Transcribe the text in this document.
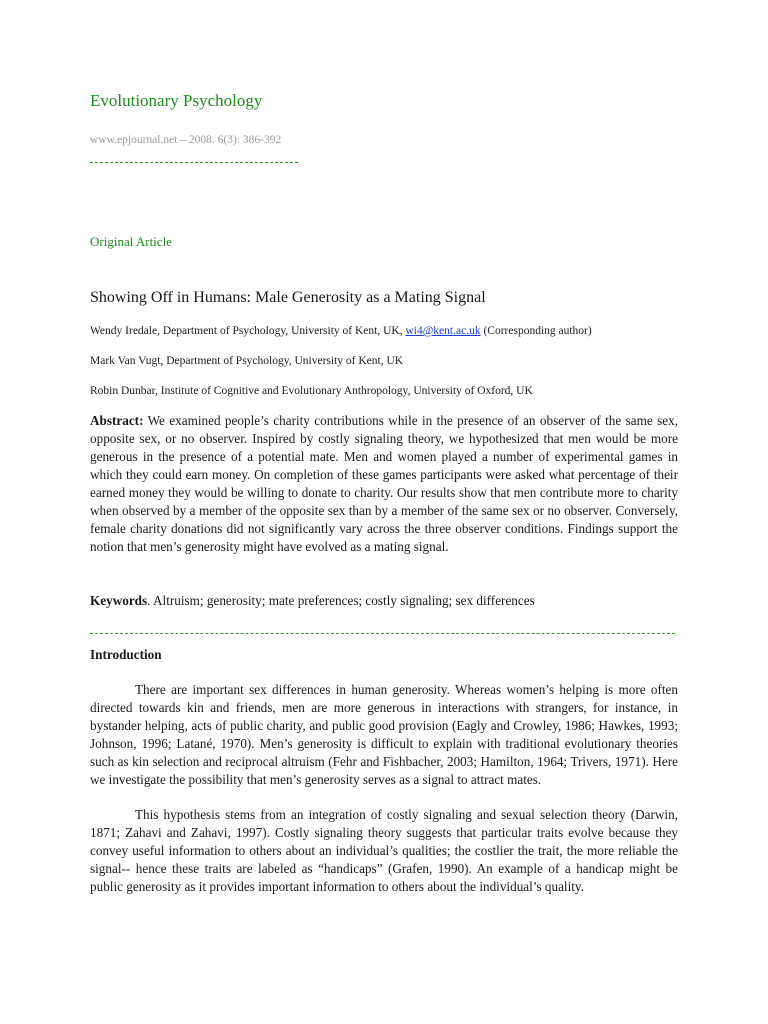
Evolutionary Psychology
www.epjournal.net – 2008. 6(3): 386-392
Original Article
Showing Off in Humans: Male Generosity as a Mating Signal
Wendy Iredale, Department of Psychology, University of Kent, UK, wi4@kent.ac.uk (Corresponding author)
Mark Van Vugt, Department of Psychology, University of Kent, UK
Robin Dunbar, Institute of Cognitive and Evolutionary Anthropology, University of Oxford, UK
Abstract: We examined people’s charity contributions while in the presence of an observer of the same sex, opposite sex, or no observer. Inspired by costly signaling theory, we hypothesized that men would be more generous in the presence of a potential mate. Men and women played a number of experimental games in which they could earn money. On completion of these games participants were asked what percentage of their earned money they would be willing to donate to charity. Our results show that men contribute more to charity when observed by a member of the opposite sex than by a member of the same sex or no observer. Conversely, female charity donations did not significantly vary across the three observer conditions. Findings support the notion that men’s generosity might have evolved as a mating signal.
Keywords. Altruism; generosity; mate preferences; costly signaling; sex differences
Introduction
There are important sex differences in human generosity. Whereas women’s helping is more often directed towards kin and friends, men are more generous in interactions with strangers, for instance, in bystander helping, acts of public charity, and public good provision (Eagly and Crowley, 1986; Hawkes, 1993; Johnson, 1996; Latané, 1970). Men’s generosity is difficult to explain with traditional evolutionary theories such as kin selection and reciprocal altruism (Fehr and Fishbacher, 2003; Hamilton, 1964; Trivers, 1971). Here we investigate the possibility that men’s generosity serves as a signal to attract mates.
This hypothesis stems from an integration of costly signaling and sexual selection theory (Darwin, 1871; Zahavi and Zahavi, 1997). Costly signaling theory suggests that particular traits evolve because they convey useful information to others about an individual’s qualities; the costlier the trait, the more reliable the signal-- hence these traits are labeled as “handicaps” (Grafen, 1990). An example of a handicap might be public generosity as it provides important information to others about the individual’s quality.
